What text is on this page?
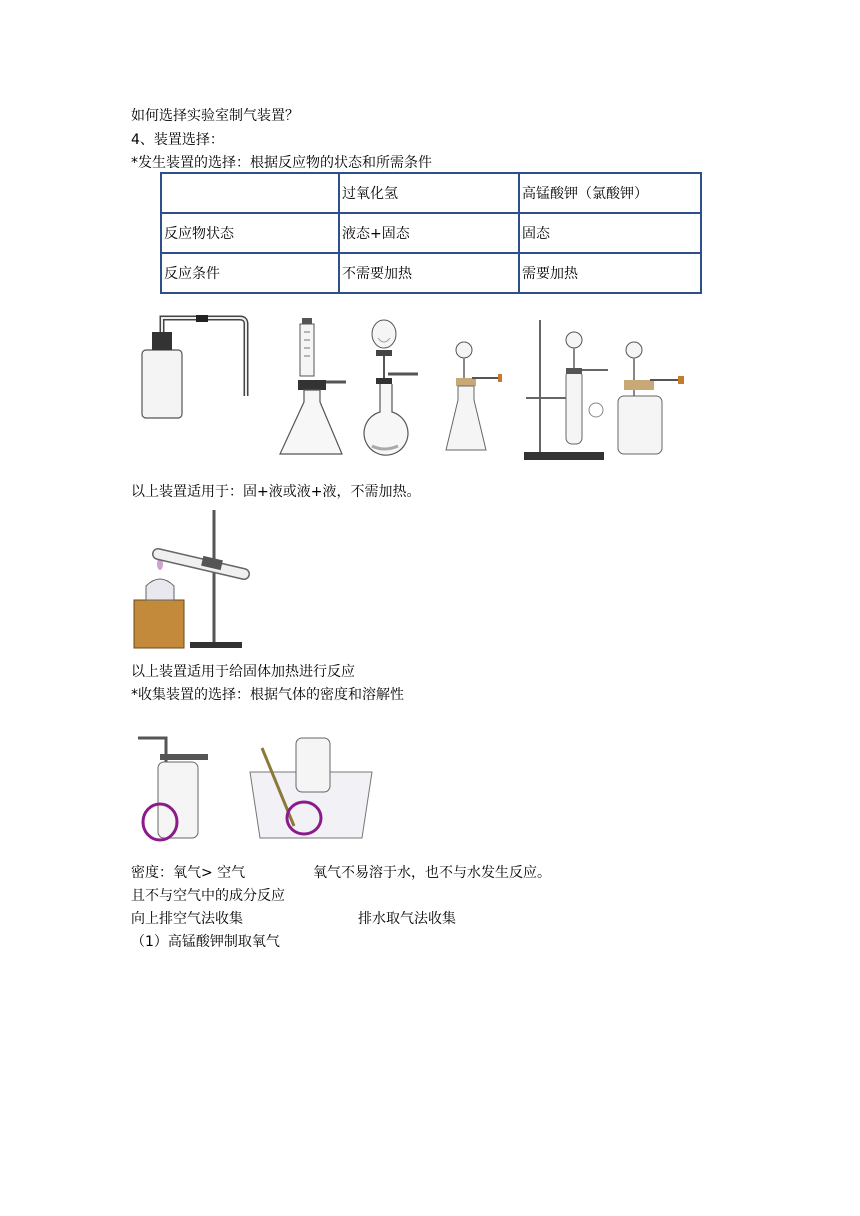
如何选择实验室制气装置？
4、装置选择：
*发生装置的选择：根据反应物的状态和所需条件
	过氧化氢	高锰酸钾（氯酸钾）
反应物状态	液态+固态	固态
反应条件	不需要加热	需要加热
以上装置适用于：固+液或液+液，不需加热。
以上装置适用于给固体加热进行反应
*收集装置的选择：根据气体的密度和溶解性
密度：氧气> 空气	氧气不易溶于水，也不与水发生反应。
且不与空气中的成分反应
向上排空气法收集	排水取气法收集
（1）高锰酸钾制取氧气
